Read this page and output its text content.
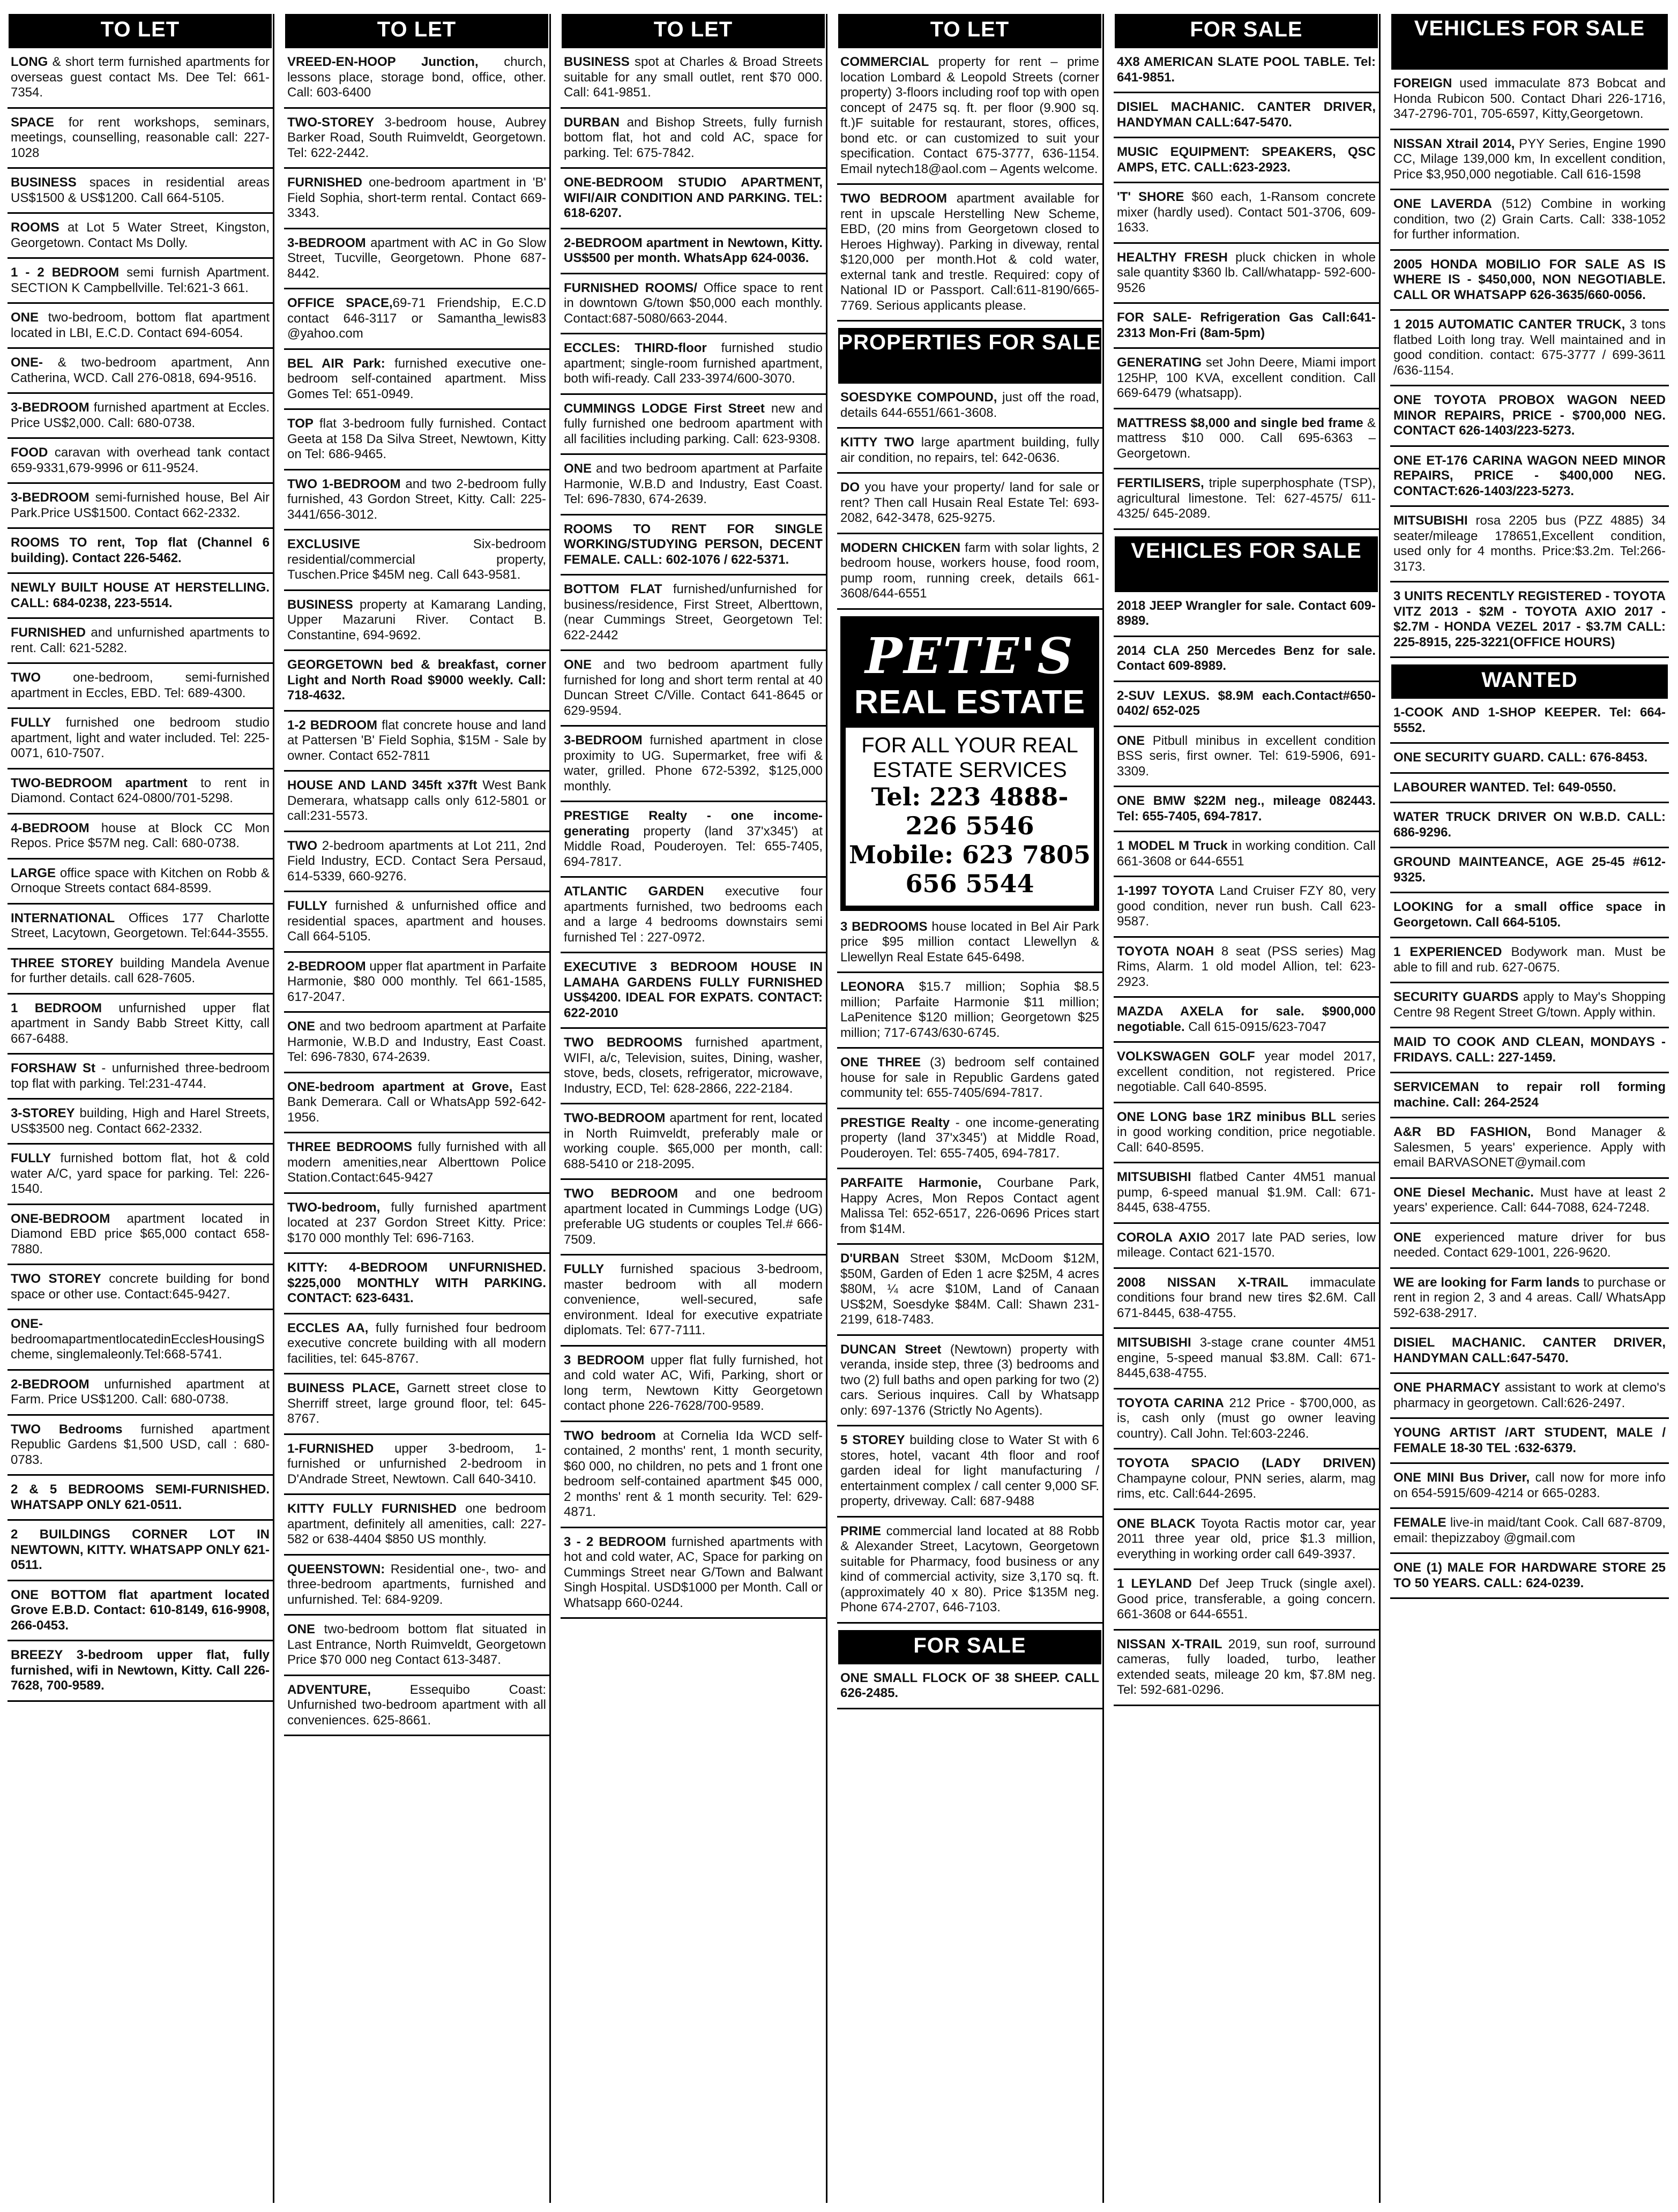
TO LET
LONG & short term furnished apartments for overseas guest contact Ms. Dee Tel: 661-7354.
SPACE for rent workshops, seminars, meetings, counselling, reasonable call: 227-1028
BUSINESS spaces in residential areas US$1500 & US$1200. Call 664-5105.
ROOMS at Lot 5 Water Street, Kingston, Georgetown. Contact Ms Dolly.
1 - 2 BEDROOM semi furnish Apartment. SECTION K Campbellville. Tel:621-3 661.
ONE two-bedroom, bottom flat apartment located in LBI, E.C.D. Contact 694-6054.
ONE- & two-bedroom apartment, Ann Catherina, WCD. Call 276-0818, 694-9516.
3-BEDROOM furnished apartment at Eccles. Price US$2,000. Call: 680-0738.
FOOD caravan with overhead tank contact 659-9331,679-9996 or 611-9524.
3-BEDROOM semi-furnished house, Bel Air Park.Price US$1500. Contact 662-2332.
ROOMS TO rent, Top flat (Channel 6 building). Contact 226-5462.
NEWLY BUILT HOUSE AT HERSTELLING. CALL: 684-0238, 223-5514.
FURNISHED and unfurnished apartments to rent. Call: 621-5282.
TWO one-bedroom, semi-furnished apartment in Eccles, EBD. Tel: 689-4300.
FULLY furnished one bedroom studio apartment, light and water included. Tel: 225-0071, 610-7507.
TWO-BEDROOM apartment to rent in Diamond. Contact 624-0800/701-5298.
4-BEDROOM house at Block CC Mon Repos. Price $57M neg. Call: 680-0738.
LARGE office space with Kitchen on Robb & Ornoque Streets contact 684-8599.
INTERNATIONAL Offices 177 Charlotte Street, Lacytown, Georgetown. Tel:644-3555.
THREE STOREY building Mandela Avenue for further details. call 628-7605.
1 BEDROOM unfurnished upper flat apartment in Sandy Babb Street Kitty, call 667-6488.
FORSHAW St - unfurnished three-bedroom top flat with parking. Tel:231-4744.
3-STOREY building, High and Harel Streets, US$3500 neg. Contact 662-2332.
FULLY furnished bottom flat, hot & cold water A/C, yard space for parking. Tel: 226-1540.
ONE-BEDROOM apartment located in Diamond EBD price $65,000 contact 658-7880.
TWO STOREY concrete building for bond space or other use. Contact:645-9427.
ONE-bedroomapartmentlocatedinEcclesHousingScheme, singlemaleonly.Tel:668-5741.
2-BEDROOM unfurnished apartment at Farm. Price US$1200. Call: 680-0738.
TWO Bedrooms furnished apartment Republic Gardens $1,500 USD, call : 680-0783.
2 & 5 BEDROOMS SEMI-FURNISHED. WHATSAPP ONLY 621-0511.
2 BUILDINGS CORNER LOT IN NEWTOWN, KITTY. WHATSAPP ONLY 621-0511.
ONE BOTTOM flat apartment located Grove E.B.D. Contact: 610-8149, 616-9908, 266-0453.
BREEZY 3-bedroom upper flat, fully furnished, wifi in Newtown, Kitty. Call 226-7628, 700-9589.
TO LET
VREED-EN-HOOP Junction, church, lessons place, storage bond, office, other. Call: 603-6400
TWO-STOREY 3-bedroom house, Aubrey Barker Road, South Ruimveldt, Georgetown. Tel: 622-2442.
FURNISHED one-bedroom apartment in 'B' Field Sophia, short-term rental. Contact 669-3343.
3-BEDROOM apartment with AC in Go Slow Street, Tucville, Georgetown. Phone 687-8442.
OFFICE SPACE,69-71 Friendship, E.C.D contact 646-3117 or Samantha_lewis83 @yahoo.com
BEL AIR Park: furnished executive one-bedroom self-contained apartment. Miss Gomes Tel: 651-0949.
TOP flat 3-bedroom fully furnished. Contact Geeta at 158 Da Silva Street, Newtown, Kitty on Tel: 686-9465.
TWO 1-BEDROOM and two 2-bedroom fully furnished, 43 Gordon Street, Kitty. Call: 225-3441/656-3012.
EXCLUSIVE Six-bedroom residential/commercial property, Tuschen.Price $45M neg. Call 643-9581.
BUSINESS property at Kamarang Landing, Upper Mazaruni River. Contact B. Constantine, 694-9692.
GEORGETOWN bed & breakfast, corner Light and North Road $9000 weekly. Call: 718-4632.
1-2 BEDROOM flat concrete house and land at Pattersen 'B' Field Sophia, $15M - Sale by owner. Contact 652-7811
HOUSE AND LAND 345ft x37ft West Bank Demerara, whatsapp calls only 612-5801 or call:231-5573.
TWO 2-bedroom apartments at Lot 211, 2nd Field Industry, ECD. Contact Sera Persaud, 614-5339, 660-9276.
FULLY furnished & unfurnished office and residential spaces, apartment and houses. Call 664-5105.
2-BEDROOM upper flat apartment in Parfaite Harmonie, $80 000 monthly. Tel 661-1585, 617-2047.
ONE and two bedroom apartment at Parfaite Harmonie, W.B.D and Industry, East Coast. Tel: 696-7830, 674-2639.
ONE-bedroom apartment at Grove, East Bank Demerara. Call or WhatsApp 592-642-1956.
THREE BEDROOMS fully furnished with all modern amenities,near Alberttown Police Station.Contact:645-9427
TWO-bedroom, fully furnished apartment located at 237 Gordon Street Kitty. Price: $170 000 monthly Tel: 696-7163.
KITTY: 4-BEDROOM UNFURNISHED. $225,000 MONTHLY WITH PARKING. CONTACT: 623-6431.
ECCLES AA, fully furnished four bedroom executive concrete building with all modern facilities, tel: 645-8767.
BUINESS PLACE, Garnett street close to Sherriff street, large ground floor, tel: 645-8767.
1-FURNISHED upper 3-bedroom, 1-furnished or unfurnished 2-bedroom in D'Andrade Street, Newtown. Call 640-3410.
KITTY FULLY FURNISHED one bedroom apartment, definitely all amenities, call: 227-582 or 638-4404 $850 US monthly.
QUEENSTOWN: Residential one-, two- and three-bedroom apartments, furnished and unfurnished. Tel: 684-9209.
ONE two-bedroom bottom flat situated in Last Entrance, North Ruimveldt, Georgetown Price $70 000 neg Contact 613-3487.
ADVENTURE, Essequibo Coast: Unfurnished two-bedroom apartment with all conveniences. 625-8661.
TO LET
BUSINESS spot at Charles & Broad Streets suitable for any small outlet, rent $70 000. Call: 641-9851.
DURBAN and Bishop Streets, fully furnish bottom flat, hot and cold AC, space for parking. Tel: 675-7842.
ONE-BEDROOM STUDIO APARTMENT, WIFI/AIR CONDITION AND PARKING. TEL: 618-6207.
2-BEDROOM apartment in Newtown, Kitty. US$500 per month. WhatsApp 624-0036.
FURNISHED ROOMS/ Office space to rent in downtown G/town $50,000 each monthly. Contact:687-5080/663-2044.
ECCLES: THIRD-floor furnished studio apartment; single-room furnished apartment, both wifi-ready. Call 233-3974/600-3070.
CUMMINGS LODGE First Street new and fully furnished one bedroom apartment with all facilities including parking. Call: 623-9308.
ONE and two bedroom apartment at Parfaite Harmonie, W.B.D and Industry, East Coast. Tel: 696-7830, 674-2639.
ROOMS TO RENT FOR SINGLE WORKING/STUDYING PERSON, DECENT FEMALE. CALL: 602-1076 / 622-5371.
BOTTOM FLAT furnished/unfurnished for business/residence, First Street, Alberttown, (near Cummings Street, Georgetown Tel: 622-2442
ONE and two bedroom apartment fully furnished for long and short term rental at 40 Duncan Street C/Ville. Contact 641-8645 or 629-9594.
3-BEDROOM furnished apartment in close proximity to UG. Supermarket, free wifi & water, grilled. Phone 672-5392, $125,000 monthly.
PRESTIGE Realty - one income-generating property (land 37'x345') at Middle Road, Pouderoyen. Tel: 655-7405, 694-7817.
ATLANTIC GARDEN executive four apartments furnished, two bedrooms each and a large 4 bedrooms downstairs semi furnished Tel : 227-0972.
EXECUTIVE 3 BEDROOM HOUSE IN LAMAHA GARDENS FULLY FURNISHED US$4200. IDEAL FOR EXPATS. CONTACT: 622-2010
TWO BEDROOMS furnished apartment, WIFI, a/c, Television, suites, Dining, washer, stove, beds, closets, refrigerator, microwave, Industry, ECD, Tel: 628-2866, 222-2184.
TWO-BEDROOM apartment for rent, located in North Ruimveldt, preferably male or working couple. $65,000 per month, call: 688-5410 or 218-2095.
TWO BEDROOM and one bedroom apartment located in Cummings Lodge (UG) preferable UG students or couples Tel.# 666-7509.
FULLY furnished spacious 3-bedroom, master bedroom with all modern convenience, well-secured, safe environment. Ideal for executive expatriate diplomats. Tel: 677-7111.
3 BEDROOM upper flat fully furnished, hot and cold water AC, Wifi, Parking, short or long term, Newtown Kitty Georgetown contact phone 226-7628/700-9589.
TWO bedroom at Cornelia Ida WCD self-contained, 2 months' rent, 1 month security, $60 000, no children, no pets and 1 front one bedroom self-contained apartment $45 000, 2 months' rent & 1 month security. Tel: 629-4871.
3 - 2 BEDROOM furnished apartments with hot and cold water, AC, Space for parking on Cummings Street near G/Town and Balwant Singh Hospital. USD$1000 per Month. Call or Whatsapp 660-0244.
TO LET
COMMERCIAL property for rent – prime location Lombard & Leopold Streets (corner property) 3-floors including roof top with open concept of 2475 sq. ft. per floor (9.900 sq. ft.)F suitable for restaurant, stores, offices, bond etc. or can customized to suit your specification. Contact 675-3777, 636-1154. Email nytech18@aol.com – Agents welcome.
TWO BEDROOM apartment available for rent in upscale Herstelling New Scheme, EBD, (20 mins from Georgetown closed to Heroes Highway). Parking in diveway, rental $120,000 per month.Hot & cold water, external tank and trestle. Required: copy of National ID or Passport. Call:611-8190/665-7769. Serious applicants please.
PROPERTIES FOR SALE
SOESDYKE COMPOUND, just off the road, details 644-6551/661-3608.
KITTY TWO large apartment building, fully air condition, no repairs, tel: 642-0636.
DO you have your property/ land for sale or rent? Then call Husain Real Estate Tel: 693-2082, 642-3478, 625-9275.
MODERN CHICKEN farm with solar lights, 2 bedroom house, workers house, food room, pump room, running creek, details 661-3608/644-6551
PETE'S
REAL ESTATE
FOR ALL YOUR REAL
ESTATE SERVICES
Tel: 223 4888-
226 5546
Mobile: 623 7805
656 5544
3 BEDROOMS house located in Bel Air Park price $95 million contact Llewellyn & Llewellyn Real Estate 645-6498.
LEONORA $15.7 million; Sophia $8.5 million; Parfaite Harmonie $11 million; LaPenitence $120 million; Georgetown $25 million; 717-6743/630-6745.
ONE THREE (3) bedroom self contained house for sale in Republic Gardens gated community tel: 655-7405/694-7817.
PRESTIGE Realty - one income-generating property (land 37'x345') at Middle Road, Pouderoyen. Tel: 655-7405, 694-7817.
PARFAITE Harmonie, Courbane Park, Happy Acres, Mon Repos Contact agent Malissa Tel: 652-6517, 226-0696 Prices start from $14M.
D'URBAN Street $30M, McDoom $12M, $50M, Garden of Eden 1 acre $25M, 4 acres $80M, ¼ acre $10M, Land of Canaan US$2M, Soesdyke $84M. Call: Shawn 231-2199, 618-7483.
DUNCAN Street (Newtown) property with veranda, inside step, three (3) bedrooms and two (2) full baths and open parking for two (2) cars. Serious inquires. Call by Whatsapp only: 697-1376 (Strictly No Agents).
5 STOREY building close to Water St with 6 stores, hotel, vacant 4th floor and roof garden ideal for light manufacturing / entertainment complex / call center 9,000 SF. property, driveway. Call: 687-9488
PRIME commercial land located at 88 Robb & Alexander Street, Lacytown, Georgetown suitable for Pharmacy, food business or any kind of commercial activity, size 3,170 sq. ft. (approximately 40 x 80). Price $135M neg. Phone 674-2707, 646-7103.
FOR SALE
ONE SMALL FLOCK OF 38 SHEEP. CALL 626-2485.
FOR SALE
4X8 AMERICAN SLATE POOL TABLE. Tel: 641-9851.
DISIEL MACHANIC. CANTER DRIVER, HANDYMAN CALL:647-5470.
MUSIC EQUIPMENT: SPEAKERS, QSC AMPS, ETC. CALL:623-2923.
'T' SHORE $60 each, 1-Ransom concrete mixer (hardly used). Contact 501-3706, 609-1633.
HEALTHY FRESH pluck chicken in whole sale quantity $360 lb. Call/whatapp- 592-600-9526
FOR SALE- Refrigeration Gas Call:641-2313 Mon-Fri (8am-5pm)
GENERATING set John Deere, Miami import 125HP, 100 KVA, excellent condition. Call 669-6479 (whatsapp).
MATTRESS $8,000 and single bed frame & mattress $10 000. Call 695-6363 – Georgetown.
FERTILISERS, triple superphosphate (TSP), agricultural limestone. Tel: 627-4575/ 611-4325/ 645-2089.
VEHICLES FOR SALE
2018 JEEP Wrangler for sale. Contact 609-8989.
2014 CLA 250 Mercedes Benz for sale. Contact 609-8989.
2-SUV LEXUS. $8.9M each.Contact#650-0402/ 652-025
ONE Pitbull minibus in excellent condition BSS seris, first owner. Tel: 619-5906, 691-3309.
ONE BMW $22M neg., mileage 082443. Tel: 655-7405, 694-7817.
1 MODEL M Truck in working condition. Call 661-3608 or 644-6551
1-1997 TOYOTA Land Cruiser FZY 80, very good condition, never run bush. Call 623-9587.
TOYOTA NOAH 8 seat (PSS series) Mag Rims, Alarm. 1 old model Allion, tel: 623-2923.
MAZDA AXELA for sale. $900,000 negotiable. Call 615-0915/623-7047
VOLKSWAGEN GOLF year model 2017, excellent condition, not registered. Price negotiable. Call 640-8595.
ONE LONG base 1RZ minibus BLL series in good working condition, price negotiable. Call: 640-8595.
MITSUBISHI flatbed Canter 4M51 manual pump, 6-speed manual $1.9M. Call: 671-8445, 638-4755.
COROLA AXIO 2017 late PAD series, low mileage. Contact 621-1570.
2008 NISSAN X-TRAIL immaculate conditions four brand new tires $2.6M. Call 671-8445, 638-4755.
MITSUBISHI 3-stage crane counter 4M51 engine, 5-speed manual $3.8M. Call: 671-8445,638-4755.
TOYOTA CARINA 212 Price - $700,000, as is, cash only (must go owner leaving country). Call John. Tel:603-2246.
TOYOTA SPACIO (LADY DRIVEN) Champayne colour, PNN series, alarm, mag rims, etc. Call:644-2695.
ONE BLACK Toyota Ractis motor car, year 2011 three year old, price $1.3 million, everything in working order call 649-3937.
1 LEYLAND Def Jeep Truck (single axel). Good price, transferable, a going concern. 661-3608 or 644-6551.
NISSAN X-TRAIL 2019, sun roof, surround cameras, fully loaded, turbo, leather extended seats, mileage 20 km, $7.8M neg. Tel: 592-681-0296.
VEHICLES FOR SALE
FOREIGN used immaculate 873 Bobcat and Honda Rubicon 500. Contact Dhari 226-1716, 347-2796-701, 705-6597, Kitty,Georgetown.
NISSAN Xtrail 2014, PYY Series, Engine 1990 CC, Milage 139,000 km, In excellent condition, Price $3,950,000 negotiable. Call 616-1598
ONE LAVERDA (512) Combine in working condition, two (2) Grain Carts. Call: 338-1052 for further information.
2005 HONDA MOBILIO FOR SALE AS IS WHERE IS - $450,000, NON NEGOTIABLE. CALL OR WHATSAPP 626-3635/660-0056.
1 2015 AUTOMATIC CANTER TRUCK, 3 tons flatbed Loith long tray. Well maintained and in good condition. contact: 675-3777 / 699-3611 /636-1154.
ONE TOYOTA PROBOX WAGON NEED MINOR REPAIRS, PRICE - $700,000 NEG. CONTACT 626-1403/223-5273.
ONE ET-176 CARINA WAGON NEED MINOR REPAIRS, PRICE - $400,000 NEG. CONTACT:626-1403/223-5273.
MITSUBISHI rosa 2205 bus (PZZ 4885) 34 seater/mileage 178651,Excellent condition, used only for 4 months. Price:$3.2m. Tel:266-3173.
3 UNITS RECENTLY REGISTERED - TOYOTA VITZ 2013 - $2M - TOYOTA AXIO 2017 - $2.7M - HONDA VEZEL 2017 - $3.7M CALL: 225-8915, 225-3221(OFFICE HOURS)
WANTED
1-COOK AND 1-SHOP KEEPER. Tel: 664-5552.
ONE SECURITY GUARD. CALL: 676-8453.
LABOURER WANTED. Tel: 649-0550.
WATER TRUCK DRIVER ON W.B.D. CALL: 686-9296.
GROUND MAINTEANCE, AGE 25-45 #612-9325.
LOOKING for a small office space in Georgetown. Call 664-5105.
1 EXPERIENCED Bodywork man. Must be able to fill and rub. 627-0675.
SECURITY GUARDS apply to May's Shopping Centre 98 Regent Street G/town. Apply within.
MAID TO COOK AND CLEAN, MONDAYS - FRIDAYS. CALL: 227-1459.
SERVICEMAN to repair roll forming machine. Call: 264-2524
A&R BD FASHION, Bond Manager & Salesmen, 5 years' experience. Apply with email BARVASONET@ymail.com
ONE Diesel Mechanic. Must have at least 2 years' experience. Call: 644-7088, 624-7248.
ONE experienced mature driver for bus needed. Contact 629-1001, 226-9620.
WE are looking for Farm lands to purchase or rent in region 2, 3 and 4 areas. Call/ WhatsApp 592-638-2917.
DISIEL MACHANIC. CANTER DRIVER, HANDYMAN CALL:647-5470.
ONE PHARMACY assistant to work at clemo's pharmacy in georgetown. Call:626-2497.
YOUNG ARTIST /ART STUDENT, MALE / FEMALE 18-30 TEL :632-6379.
ONE MINI Bus Driver, call now for more info on 654-5915/609-4214 or 665-0283.
FEMALE live-in maid/tant Cook. Call 687-8709, email: thepizzaboy @gmail.com
ONE (1) MALE FOR HARDWARE STORE 25 TO 50 YEARS. CALL: 624-0239.
